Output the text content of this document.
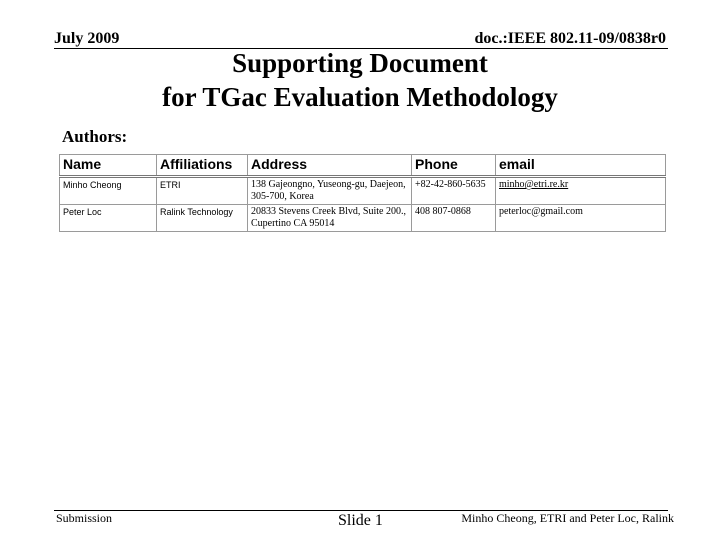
July 2009	doc.:IEEE 802.11-09/0838r0
Supporting Document
for TGac Evaluation Methodology
Authors:
Name	Affiliations	Address	Phone	email
Minho Cheong	ETRI	138 Gajeongno, Yuseong-gu, Daejeon, 305-700, Korea	+82-42-860-5635	minho@etri.re.kr
Peter Loc	Ralink Technology	20833 Stevens Creek Blvd, Suite 200., Cupertino CA 95014	408 807-0868	peterloc@gmail.com
Submission	Slide 1	Minho Cheong, ETRI and Peter Loc, Ralink
